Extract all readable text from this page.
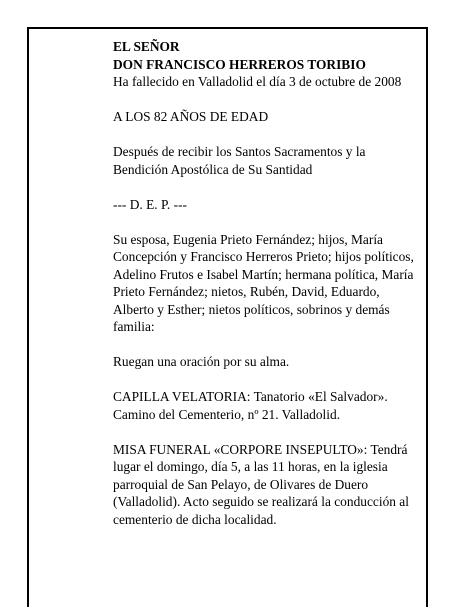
EL SEÑOR

DON FRANCISCO HERREROS TORIBIO

Ha fallecido en Valladolid el día 3 de octubre de 2008

A LOS 82 AÑOS DE EDAD

Después de recibir los Santos Sacramentos y la

Bendición Apostólica de Su Santidad

--- D. E. P. ---

Su esposa, Eugenia Prieto Fernández; hijos, María

Concepción y Francisco Herreros Prieto; hijos políticos,

Adelino Frutos e Isabel Martín; hermana política, María

Prieto Fernández; nietos, Rubén, David, Eduardo,

Alberto y Esther; nietos políticos, sobrinos y demás

familia:

Ruegan una oración por su alma.

CAPILLA VELATORIA: Tanatorio «El Salvador».

Camino del Cementerio, nº 21. Valladolid.

MISA FUNERAL «CORPORE INSEPULTO»: Tendrá

lugar el domingo, día 5, a las 11 horas, en la iglesia

parroquial de San Pelayo, de Olivares de Duero

(Valladolid). Acto seguido se realizará la conducción al

cementerio de dicha localidad.
